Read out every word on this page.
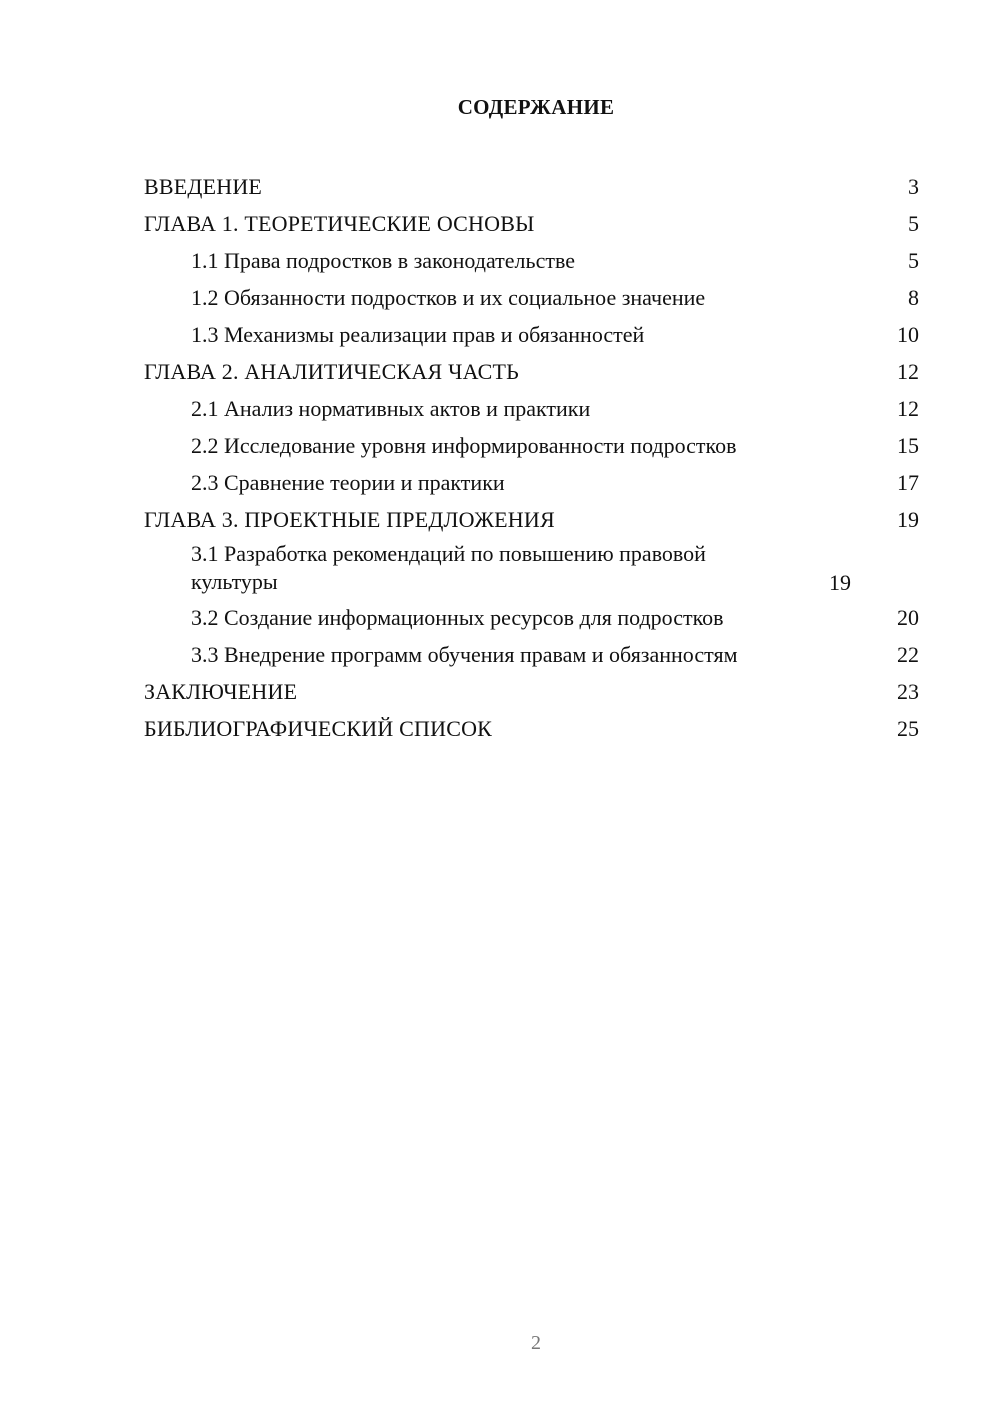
СОДЕРЖАНИЕ
ВВЕДЕНИЕ	3
ГЛАВА 1. ТЕОРЕТИЧЕСКИЕ ОСНОВЫ	5
1.1 Права подростков в законодательстве	5
1.2 Обязанности подростков и их социальное значение	8
1.3 Механизмы реализации прав и обязанностей	10
ГЛАВА 2. АНАЛИТИЧЕСКАЯ ЧАСТЬ	12
2.1 Анализ нормативных актов и практики	12
2.2 Исследование уровня информированности подростков	15
2.3 Сравнение теории и практики	17
ГЛАВА 3. ПРОЕКТНЫЕ ПРЕДЛОЖЕНИЯ	19
3.1 Разработка рекомендаций по повышению правовой культуры	19
3.2 Создание информационных ресурсов для подростков	20
3.3 Внедрение программ обучения правам и обязанностям	22
ЗАКЛЮЧЕНИЕ	23
БИБЛИОГРАФИЧЕСКИЙ СПИСОК	25
2
